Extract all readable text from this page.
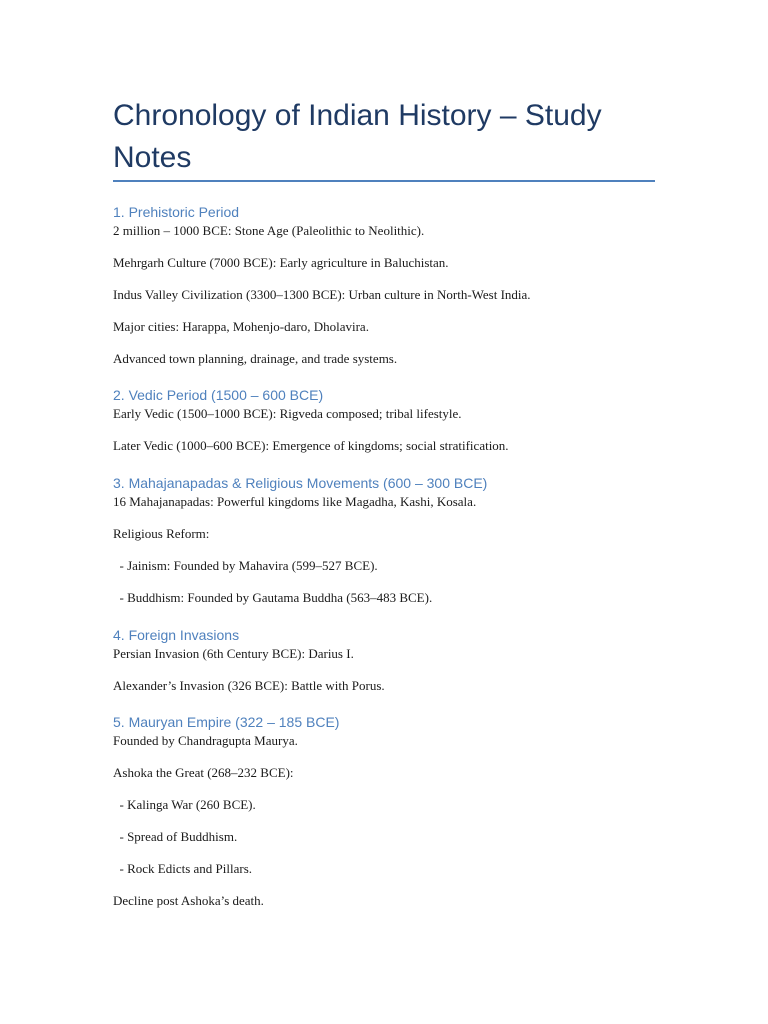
Chronology of Indian History – Study Notes

1. Prehistoric Period

2 million – 1000 BCE: Stone Age (Paleolithic to Neolithic).

Mehrgarh Culture (7000 BCE): Early agriculture in Baluchistan.

Indus Valley Civilization (3300–1300 BCE): Urban culture in North-West India.

Major cities: Harappa, Mohenjo-daro, Dholavira.

Advanced town planning, drainage, and trade systems.

2. Vedic Period (1500 – 600 BCE)

Early Vedic (1500–1000 BCE): Rigveda composed; tribal lifestyle.

Later Vedic (1000–600 BCE): Emergence of kingdoms; social stratification.

3. Mahajanapadas & Religious Movements (600 – 300 BCE)

16 Mahajanapadas: Powerful kingdoms like Magadha, Kashi, Kosala.

Religious Reform:

- Jainism: Founded by Mahavira (599–527 BCE).

- Buddhism: Founded by Gautama Buddha (563–483 BCE).

4. Foreign Invasions

Persian Invasion (6th Century BCE): Darius I.

Alexander’s Invasion (326 BCE): Battle with Porus.

5. Mauryan Empire (322 – 185 BCE)

Founded by Chandragupta Maurya.

Ashoka the Great (268–232 BCE):

- Kalinga War (260 BCE).

- Spread of Buddhism.

- Rock Edicts and Pillars.

Decline post Ashoka’s death.
